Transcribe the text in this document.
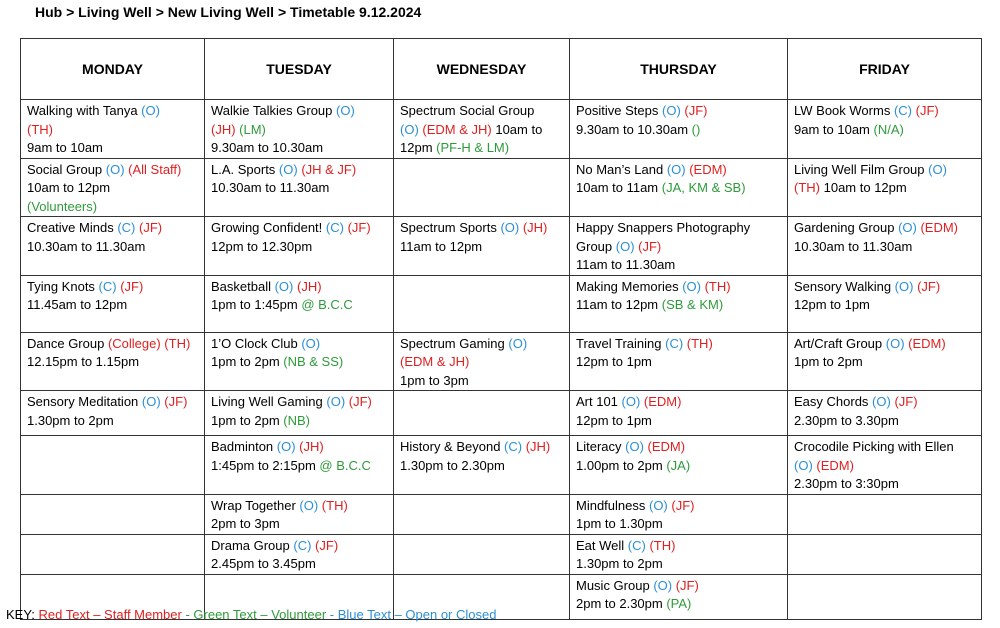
Hub > Living Well > New Living Well > Timetable 9.12.2024
MONDAY	TUESDAY	WEDNESDAY	THURSDAY	FRIDAY

Walking with Tanya (O)
(TH)
9am to 10am	Walkie Talkies Group (O)
(JH) (LM)
9.30am to 10.30am	Spectrum Social Group
(O) (EDM & JH) 10am to
12pm (PF-H & LM)	Positive Steps (O) (JF)
9.30am to 10.30am ()	LW Book Worms (C) (JF)
9am to 10am (N/A)

Social Group (O) (All Staff)
10am to 12pm
(Volunteers)	L.A. Sports (O) (JH & JF)
10.30am to 11.30am		No Man’s Land (O) (EDM)
10am to 11am (JA, KM & SB)	Living Well Film Group (O)
(TH) 10am to 12pm

Creative Minds (C) (JF)
10.30am to 11.30am	Growing Confident! (C) (JF)
12pm to 12.30pm	Spectrum Sports (O) (JH)
11am to 12pm	Happy Snappers Photography
Group (O) (JF)
11am to 11.30am	Gardening Group (O) (EDM)
10.30am to 11.30am

Tying Knots (C) (JF)
11.45am to 12pm	Basketball (O) (JH)
1pm to 1:45pm @ B.C.C		Making Memories (O) (TH)
11am to 12pm (SB & KM)	Sensory Walking (O) (JF)
12pm to 1pm

Dance Group (College) (TH)
12.15pm to 1.15pm	1’O Clock Club (O)
1pm to 2pm (NB & SS)	Spectrum Gaming (O)
(EDM & JH)
1pm to 3pm	Travel Training (C) (TH)
12pm to 1pm	Art/Craft Group (O) (EDM)
1pm to 2pm

Sensory Meditation (O) (JF)
1.30pm to 2pm	Living Well Gaming (O) (JF)
1pm to 2pm (NB)		Art 101 (O) (EDM)
12pm to 1pm	Easy Chords (O) (JF)
2.30pm to 3.30pm

	Badminton (O) (JH)
1:45pm to 2:15pm @ B.C.C	History & Beyond (C) (JH)
1.30pm to 2.30pm	Literacy (O) (EDM)
1.00pm to 2pm (JA)	Crocodile Picking with Ellen
(O) (EDM)
2.30pm to 3:30pm

	Wrap Together (O) (TH)
2pm to 3pm		Mindfulness (O) (JF)
1pm to 1.30pm	

	Drama Group (C) (JF)
2.45pm to 3.45pm		Eat Well (C) (TH)
1.30pm to 2pm	

			Music Group (O) (JF)
2pm to 2.30pm (PA)	

KEY: Red Text – Staff Member - Green Text – Volunteer - Blue Text – Open or Closed
